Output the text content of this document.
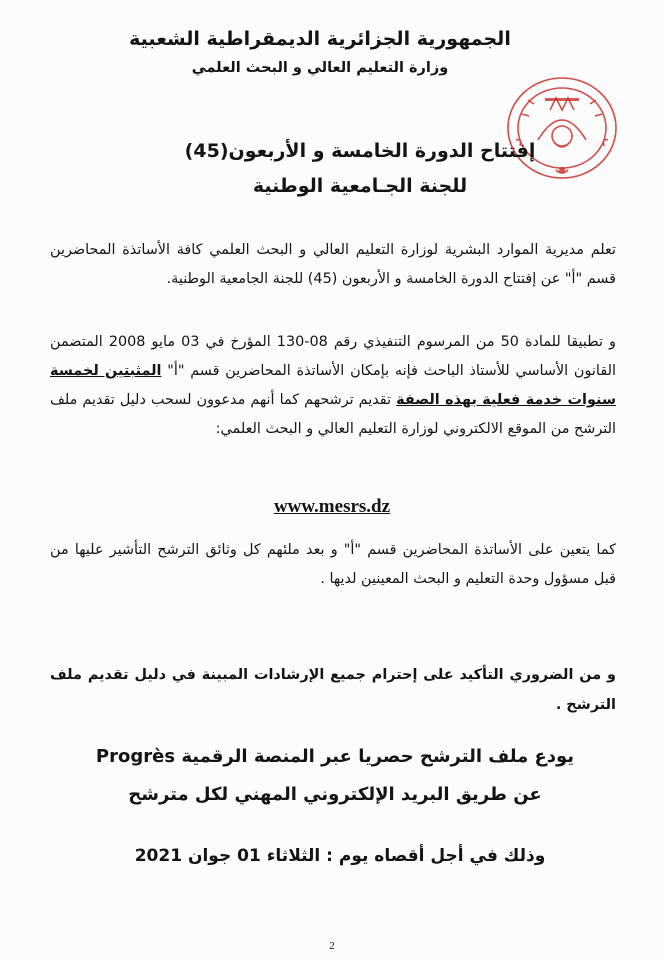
الجمهورية الجزائرية الديمقراطية الشعبية
وزارة التعليم العالي و البحث العلمي
إفتتاح الدورة الخامسة و الأربعون(45)
للجنة الجـامعية الوطنية
تعلم مديرية الموارد البشرية لوزارة التعليم العالي و البحث العلمي كافة الأساتذة المحاضرين قسم "أ" عن إفتتاح الدورة الخامسة و الأربعون (45) للجنة الجامعية الوطنية.
و تطبيقا للمادة 50 من المرسوم التنفيذي رقم 08-130 المؤرخ في 03 مايو 2008 المتضمن القانون الأساسي للأستاذ الباحث فإنه بإمكان الأساتذة المحاضرين قسم "أ" المثبتين لخمسة سنوات خدمة فعلية بهذه الصفة تقديم ترشحهم كما أنهم مدعوون لسحب دليل تقديم ملف الترشح من الموقع الالكتروني لوزارة التعليم العالي و البحث العلمي:
www.mesrs.dz
كما يتعين على الأساتذة المحاضرين قسم "أ" و بعد ملئهم كل وثائق الترشح التأشير عليها من قبل مسؤول وحدة التعليم و البحث المعينين لديها .
و من الضروري التأكيد على إحترام جميع الإرشادات المبينة في دليل تقديم ملف الترشح .
يودع ملف الترشح حصريا عبر المنصة الرقمية Progrès
عن طريق البريد الإلكتروني المهني لكل مترشح
وذلك في أجل أقصاه يوم : الثلاثاء 01 جوان 2021
2
